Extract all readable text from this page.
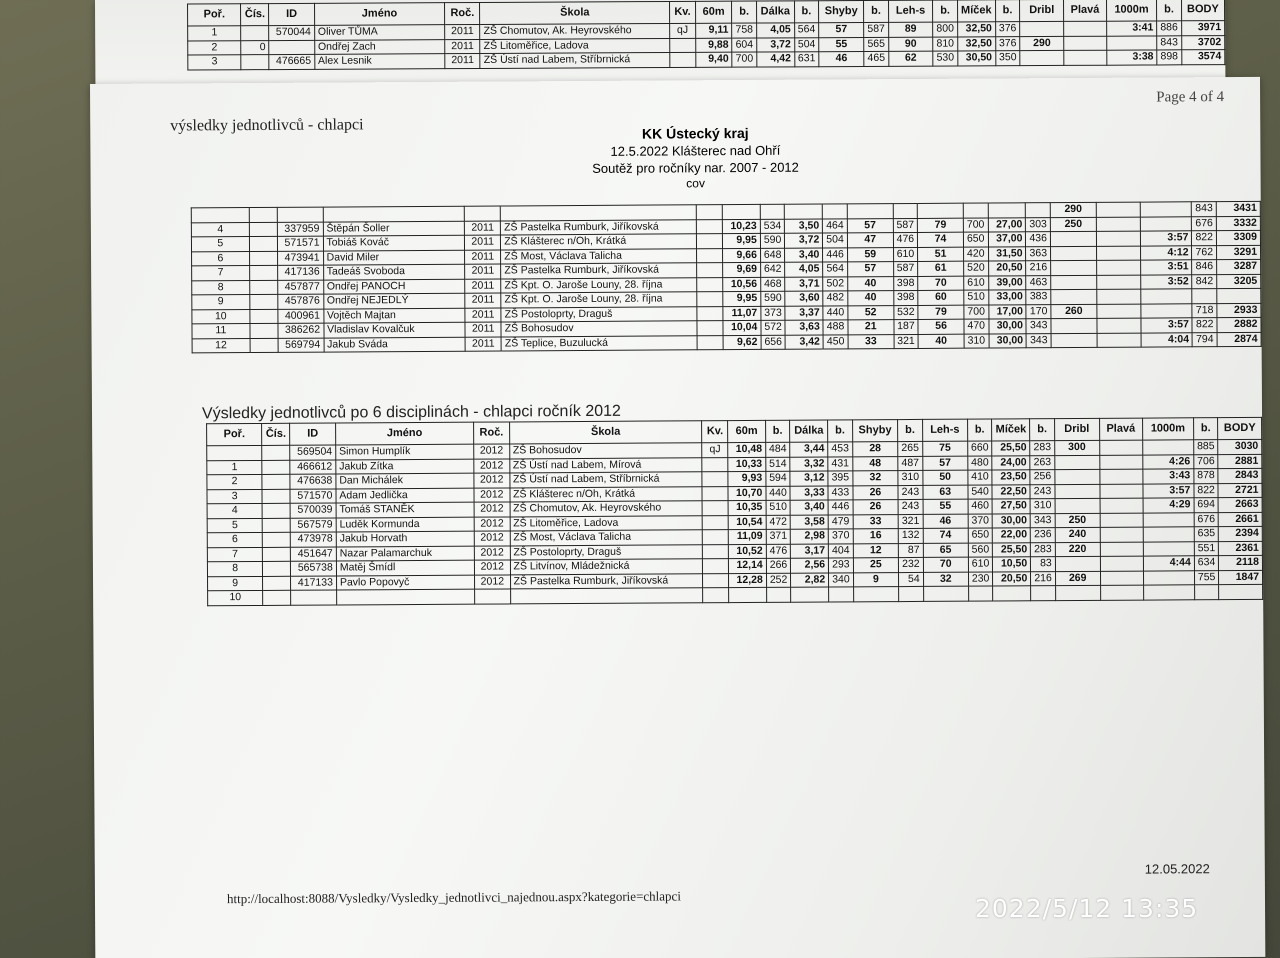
Poř.	Čís.	ID	Jméno	Roč.	Škola	Kv.	60m	b.	Dálka	b.	Shyby	b.	Leh-s	b.	Míček	b.	Dribl	Plavá	1000m	b.	BODY
1		570044	Oliver TŮMA	2011	ZŠ Chomutov, Ak. Heyrovského	qJ	9,11	758	4,05	564	57	587	89	800	32,50	376			3:41	886	3971
2	0		Ondřej Zach	2011	ZŠ Litoměřice, Ladova		9,88	604	3,72	504	55	565	90	810	32,50	376	290			843	3702
3		476665	Alex Lesnik	2011	ZŠ Ústí nad Labem, Stříbrnická		9,40	700	4,42	631	46	465	62	530	30,50	350			3:38	898	3574
Page 4 of 4
výsledky jednotlivců - chlapci	KK Ústecký kraj
12.5.2022 Klášterec nad Ohří
Soutěž pro ročníky nar. 2007 - 2012
cov
																	290			843	3431
4		337959	Štěpán Šoller	2011	ZŠ Pastelka Rumburk, Jiříkovská		10,23	534	3,50	464	57	587	79	700	27,00	303	250			676	3332
5		571571	Tobiáš Kováč	2011	ZŠ Klášterec n/Oh, Krátká		9,95	590	3,72	504	47	476	74	650	37,00	436			3:57	822	3309
6		473941	David Miler	2011	ZŠ Most, Václava Talicha		9,66	648	3,40	446	59	610	51	420	31,50	363			4:12	762	3291
7		417136	Tadeáš Svoboda	2011	ZŠ Pastelka Rumburk, Jiříkovská		9,69	642	4,05	564	57	587	61	520	20,50	216			3:51	846	3287
8		457877	Ondřej PANOCH	2011	ZŠ Kpt. O. Jaroše Louny, 28. října		10,56	468	3,71	502	40	398	70	610	39,00	463			3:52	842	3205
9		457876	Ondřej NEJEDLÝ	2011	ZŠ Kpt. O. Jaroše Louny, 28. října		9,95	590	3,60	482	40	398	60	510	33,00	383					
10		400961	Vojtěch Majtan	2011	ZŠ Postoloprty, Draguš		11,07	373	3,37	440	52	532	79	700	17,00	170	260			718	2933
11		386262	Vladislav Kovalčuk	2011	ZŠ Bohosudov		10,04	572	3,63	488	21	187	56	470	30,00	343			3:57	822	2882
12		569794	Jakub Sváda	2011	ZŠ Teplice, Buzulucká		9,62	656	3,42	450	33	321	40	310	30,00	343			4:04	794	2874
Výsledky jednotlivců po 6 disciplinách - chlapci ročník 2012
Poř.	Čís.	ID	Jméno	Roč.	Škola	Kv.	60m	b.	Dálka	b.	Shyby	b.	Leh-s	b.	Míček	b.	Dribl	Plavá	1000m	b.	BODY
		569504	Simon Humplík	2012	ZŠ Bohosudov	qJ	10,48	484	3,44	453	28	265	75	660	25,50	283	300			885	3030
1		466612	Jakub Zítka	2012	ZŠ Ústí nad Labem, Mírová		10,33	514	3,32	431	48	487	57	480	24,00	263			4:26	706	2881
2		476638	Dan Michálek	2012	ZŠ Ústí nad Labem, Stříbrnická		9,93	594	3,12	395	32	310	50	410	23,50	256			3:43	878	2843
3		571570	Adam Jedlička	2012	ZŠ Klášterec n/Oh, Krátká		10,70	440	3,33	433	26	243	63	540	22,50	243			3:57	822	2721
4		570039	Tomáš STANĚK	2012	ZŠ Chomutov, Ak. Heyrovského		10,35	510	3,40	446	26	243	55	460	27,50	310			4:29	694	2663
5		567579	Luděk Kormunda	2012	ZŠ Litoměřice, Ladova		10,54	472	3,58	479	33	321	46	370	30,00	343	250			676	2661
6		473978	Jakub Horvath	2012	ZŠ Most, Václava Talicha		11,09	371	2,98	370	16	132	74	650	22,00	236	240			635	2394
7		451647	Nazar Palamarchuk	2012	ZŠ Postoloprty, Draguš		10,52	476	3,17	404	12	87	65	560	25,50	283	220			551	2361
8		565738	Matěj Šmídl	2012	ZŠ Litvínov, Mládežnická		12,14	266	2,56	293	25	232	70	610	10,50	83			4:44	634	2118
9		417133	Pavlo Popovyč	2012	ZŠ Pastelka Rumburk, Jiříkovská		12,28	252	2,82	340	9	54	32	230	20,50	216	269			755	1847
10																					
12.05.2022
http://localhost:8088/Vysledky/Vysledky_jednotlivci_najednou.aspx?kategorie=chlapci	2022/5/12 13:35
